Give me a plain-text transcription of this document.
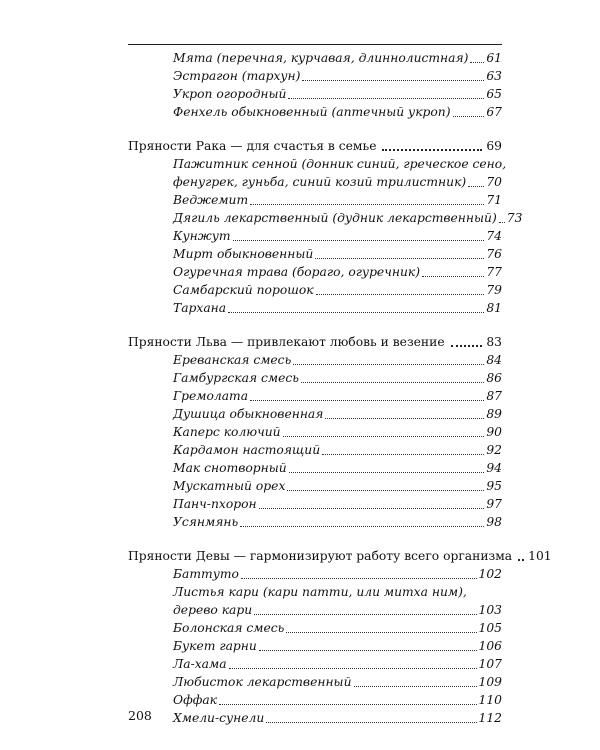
Мята (перечная, курчавая, длиннолистная) 61
Эстрагон (тархун)	63
Укроп огородный	65
Фенхель обыкновенный (аптечный укроп)	67
Пряности Рака — для счастья в семье	69
Пажитник сенной (донник синий, греческое сено,
фенугрек, гуньба, синий козий трилистник) 70
Веджемит	71
Дягиль лекарственный (дудник лекарственный) 73
Кунжут	74
Мирт обыкновенный	76
Огуречная трава (бораго, огуречник)	77
Самбарский порошок	79
Тархана	81
Пряности Льва — привлекают любовь и везение	83
Ереванская смесь	84
Гамбургская смесь	86
Гремолата	87
Душица обыкновенная	89
Каперс колючий	90
Кардамон настоящий	92
Мак снотворный	94
Мускатный орех	95
Панч-пхорон	97
Усянмянь	98
Пряности Девы — гармонизируют работу всего организма 101
Баттуто	102
Листья кари (кари патти, или митха ним),
дерево кари	103
Болонская смесь	105
Букет гарни	106
Ла-хама	107
Любисток лекарственный	109
Оффак	110
Хмели-сунели	112
208
